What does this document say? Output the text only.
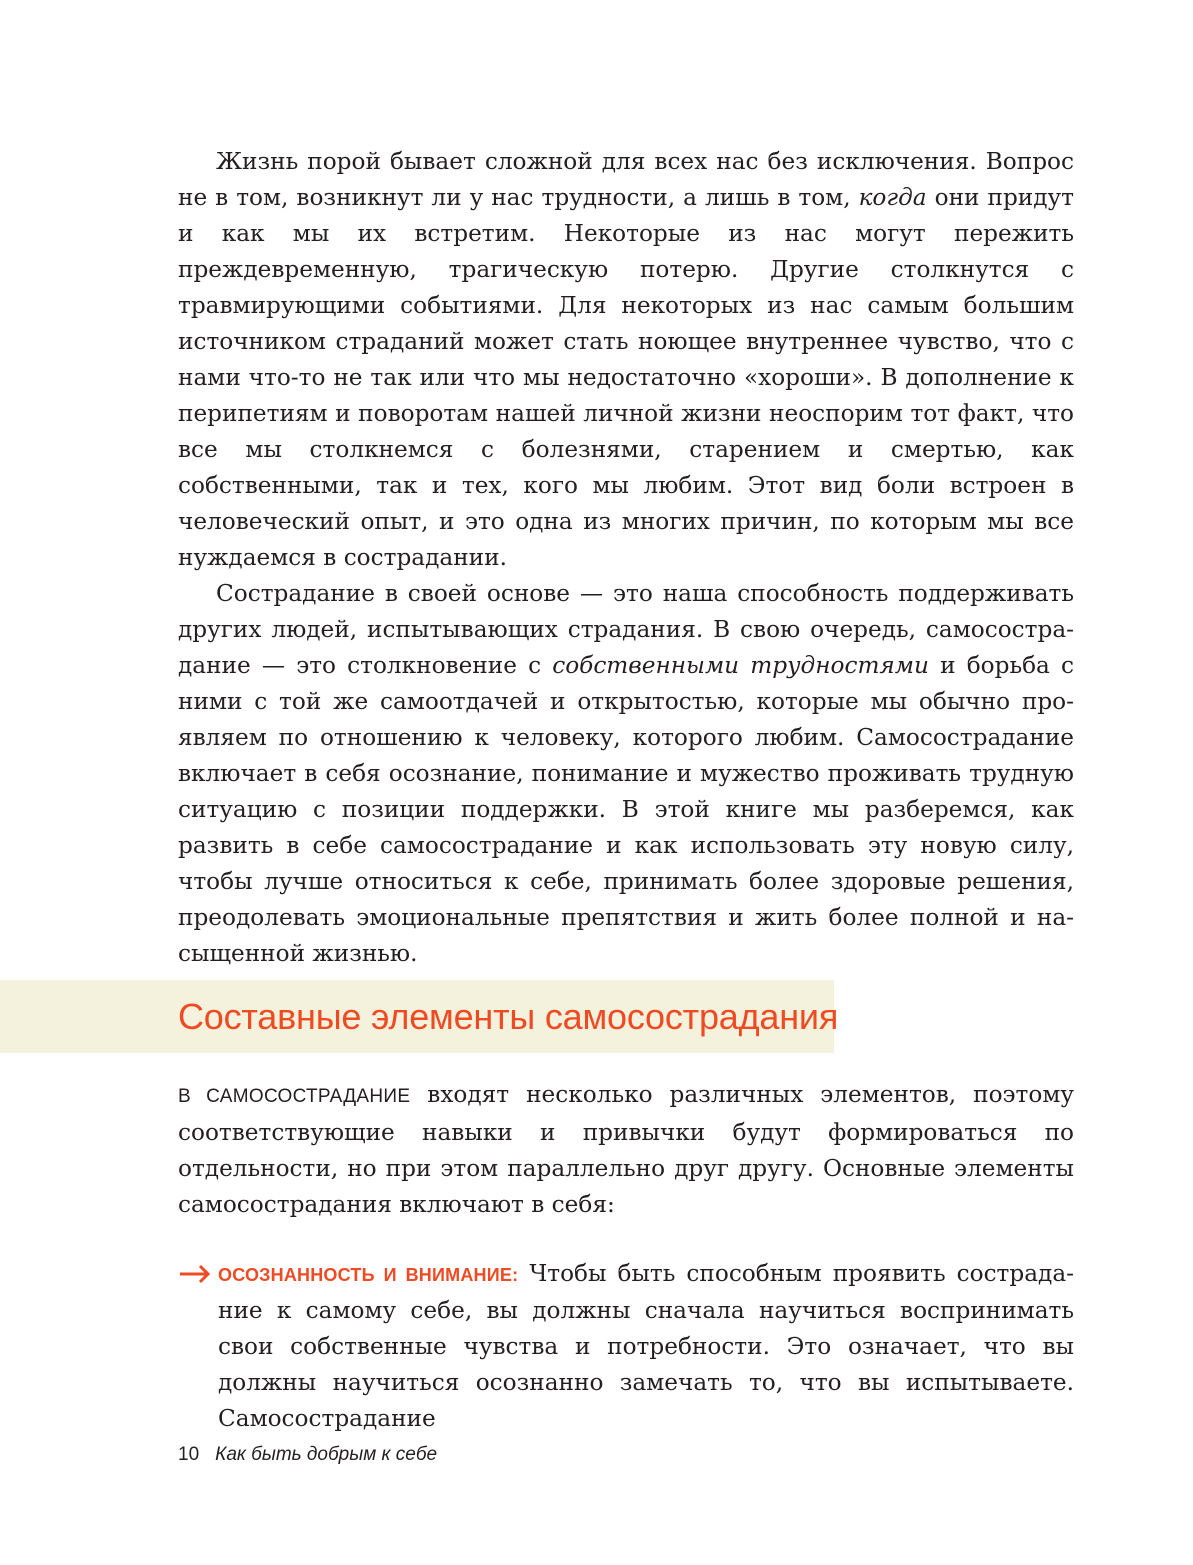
Жизнь порой бывает сложной для всех нас без исключения. Вопрос не в том, возникнут ли у нас трудности, а лишь в том, когда они придут и как мы их встретим. Некоторые из нас могут пережить преждевременную, трагическую потерю. Другие столкнутся с травмирующими событиями. Для некоторых из нас самым большим источником страданий может стать ноющее внутреннее чувство, что с нами что-то не так или что мы недостаточно «хороши». В дополнение к перипетиям и поворотам нашей личной жизни неоспорим тот факт, что все мы столкнемся с болезнями, старением и смертью, как собственными, так и тех, кого мы любим. Этот вид боли встроен в человеческий опыт, и это одна из многих причин, по которым мы все нуждаемся в сострадании.

Сострадание в своей основе — это наша способность поддерживать других людей, испытывающих страдания. В свою очередь, самосострадание — это столкновение с собственными трудностями и борьба с ними с той же самоотдачей и открытостью, которые мы обычно проявляем по отношению к человеку, которого любим. Самосострадание включает в себя осознание, понимание и мужество проживать трудную ситуацию с позиции поддержки. В этой книге мы разберемся, как развить в себе самосострадание и как использовать эту новую силу, чтобы лучше относиться к себе, принимать более здоровые решения, преодолевать эмоциональные препятствия и жить более полной и насыщенной жизнью.

Составные элементы самосострадания

В САМОСОСТРАДАНИЕ входят несколько различных элементов, поэтому соответствующие навыки и привычки будут формироваться по отдельности, но при этом параллельно друг другу. Основные элементы самосострадания включают в себя:

ОСОЗНАННОСТЬ И ВНИМАНИЕ: Чтобы быть способным проявить сострадание к самому себе, вы должны сначала научиться воспринимать свои собственные чувства и потребности. Это означает, что вы должны научиться осознанно замечать то, что вы испытываете. Самосострадание

10 Как быть добрым к себе
